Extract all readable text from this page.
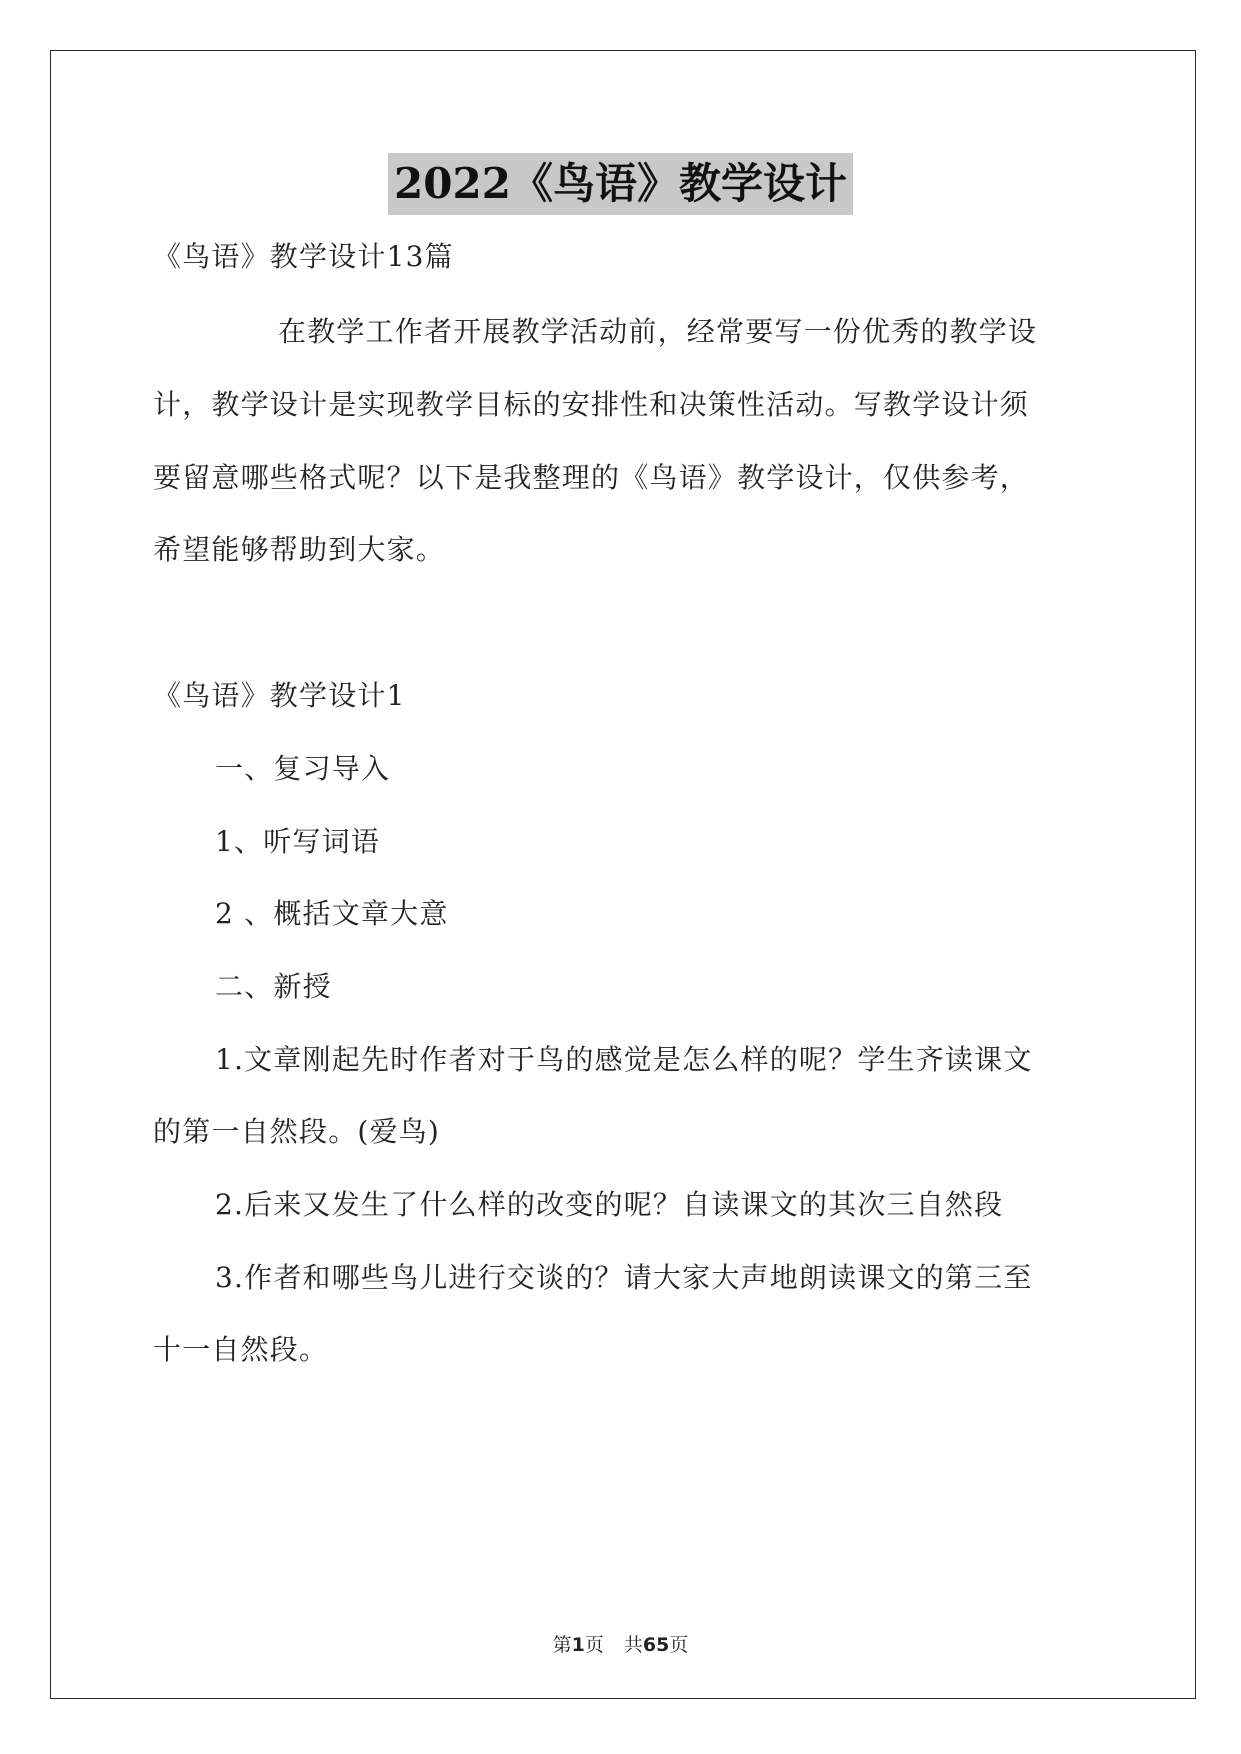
2022《鸟语》教学设计
《鸟语》教学设计13篇
在教学工作者开展教学活动前，经常要写一份优秀的教学设
计，教学设计是实现教学目标的安排性和决策性活动。写教学设计须
要留意哪些格式呢？以下是我整理的《鸟语》教学设计，仅供参考，
希望能够帮助到大家。
《鸟语》教学设计1
一、复习导入
1、听写词语
2 、概括文章大意
二、新授
1.文章刚起先时作者对于鸟的感觉是怎么样的呢？学生齐读课文
的第一自然段。(爱鸟)
2.后来又发生了什么样的改变的呢？自读课文的其次三自然段
3.作者和哪些鸟儿进行交谈的？请大家大声地朗读课文的第三至
十一自然段。
第1页 共65页
